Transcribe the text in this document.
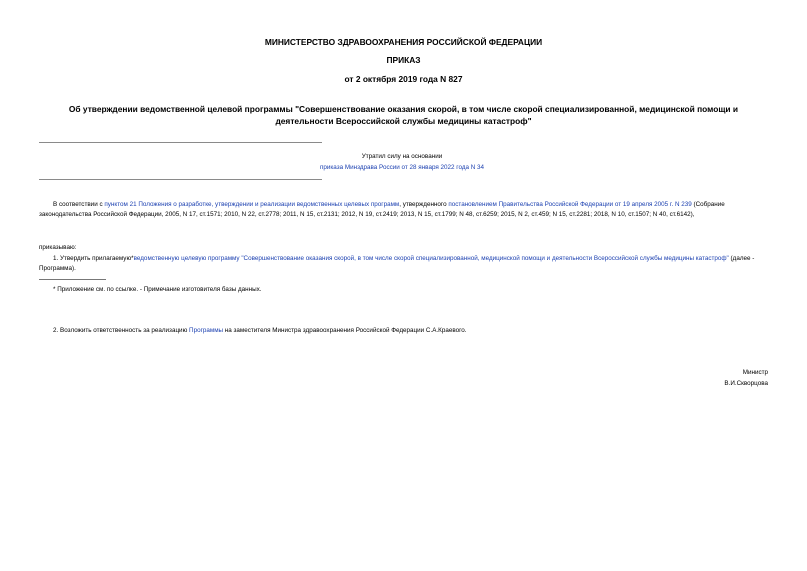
МИНИСТЕРСТВО ЗДРАВООХРАНЕНИЯ РОССИЙСКОЙ ФЕДЕРАЦИИ
ПРИКАЗ
от 2 октября 2019 года N 827
Об утверждении ведомственной целевой программы "Совершенствование оказания скорой, в том числе скорой специализированной, медицинской помощи и
деятельности Всероссийской службы медицины катастроф"
Утратил силу на основании
приказа Минздрава России от 28 января 2022 года N 34
В соответствии с пунктом 21 Положения о разработке, утверждении и реализации ведомственных целевых программ, утвержденного постановлением Правительства Российской Федерации от 19 апреля 2005 г. N 239 (Собрание законодательства Российской Федерации, 2005, N 17, ст.1571; 2010, N 22, ст.2778; 2011, N 15, ст.2131; 2012, N 19, ст.2419; 2013, N 15, ст.1799; N 48, ст.6259; 2015, N 2, ст.459; N 15, ст.2281; 2018, N 10, ст.1507; N 40, ст.6142),
приказываю:
1. Утвердить прилагаемую*ведомственную целевую программу "Совершенствование оказания скорой, в том числе скорой специализированной, медицинской помощи и деятельности Всероссийской службы медицины катастроф" (далее - Программа).
* Приложение см. по ссылке. - Примечание изготовителя базы данных.
2. Возложить ответственность за реализацию Программы на заместителя Министра здравоохранения Российской Федерации С.А.Краевого.
Министр
В.И.Скворцова
